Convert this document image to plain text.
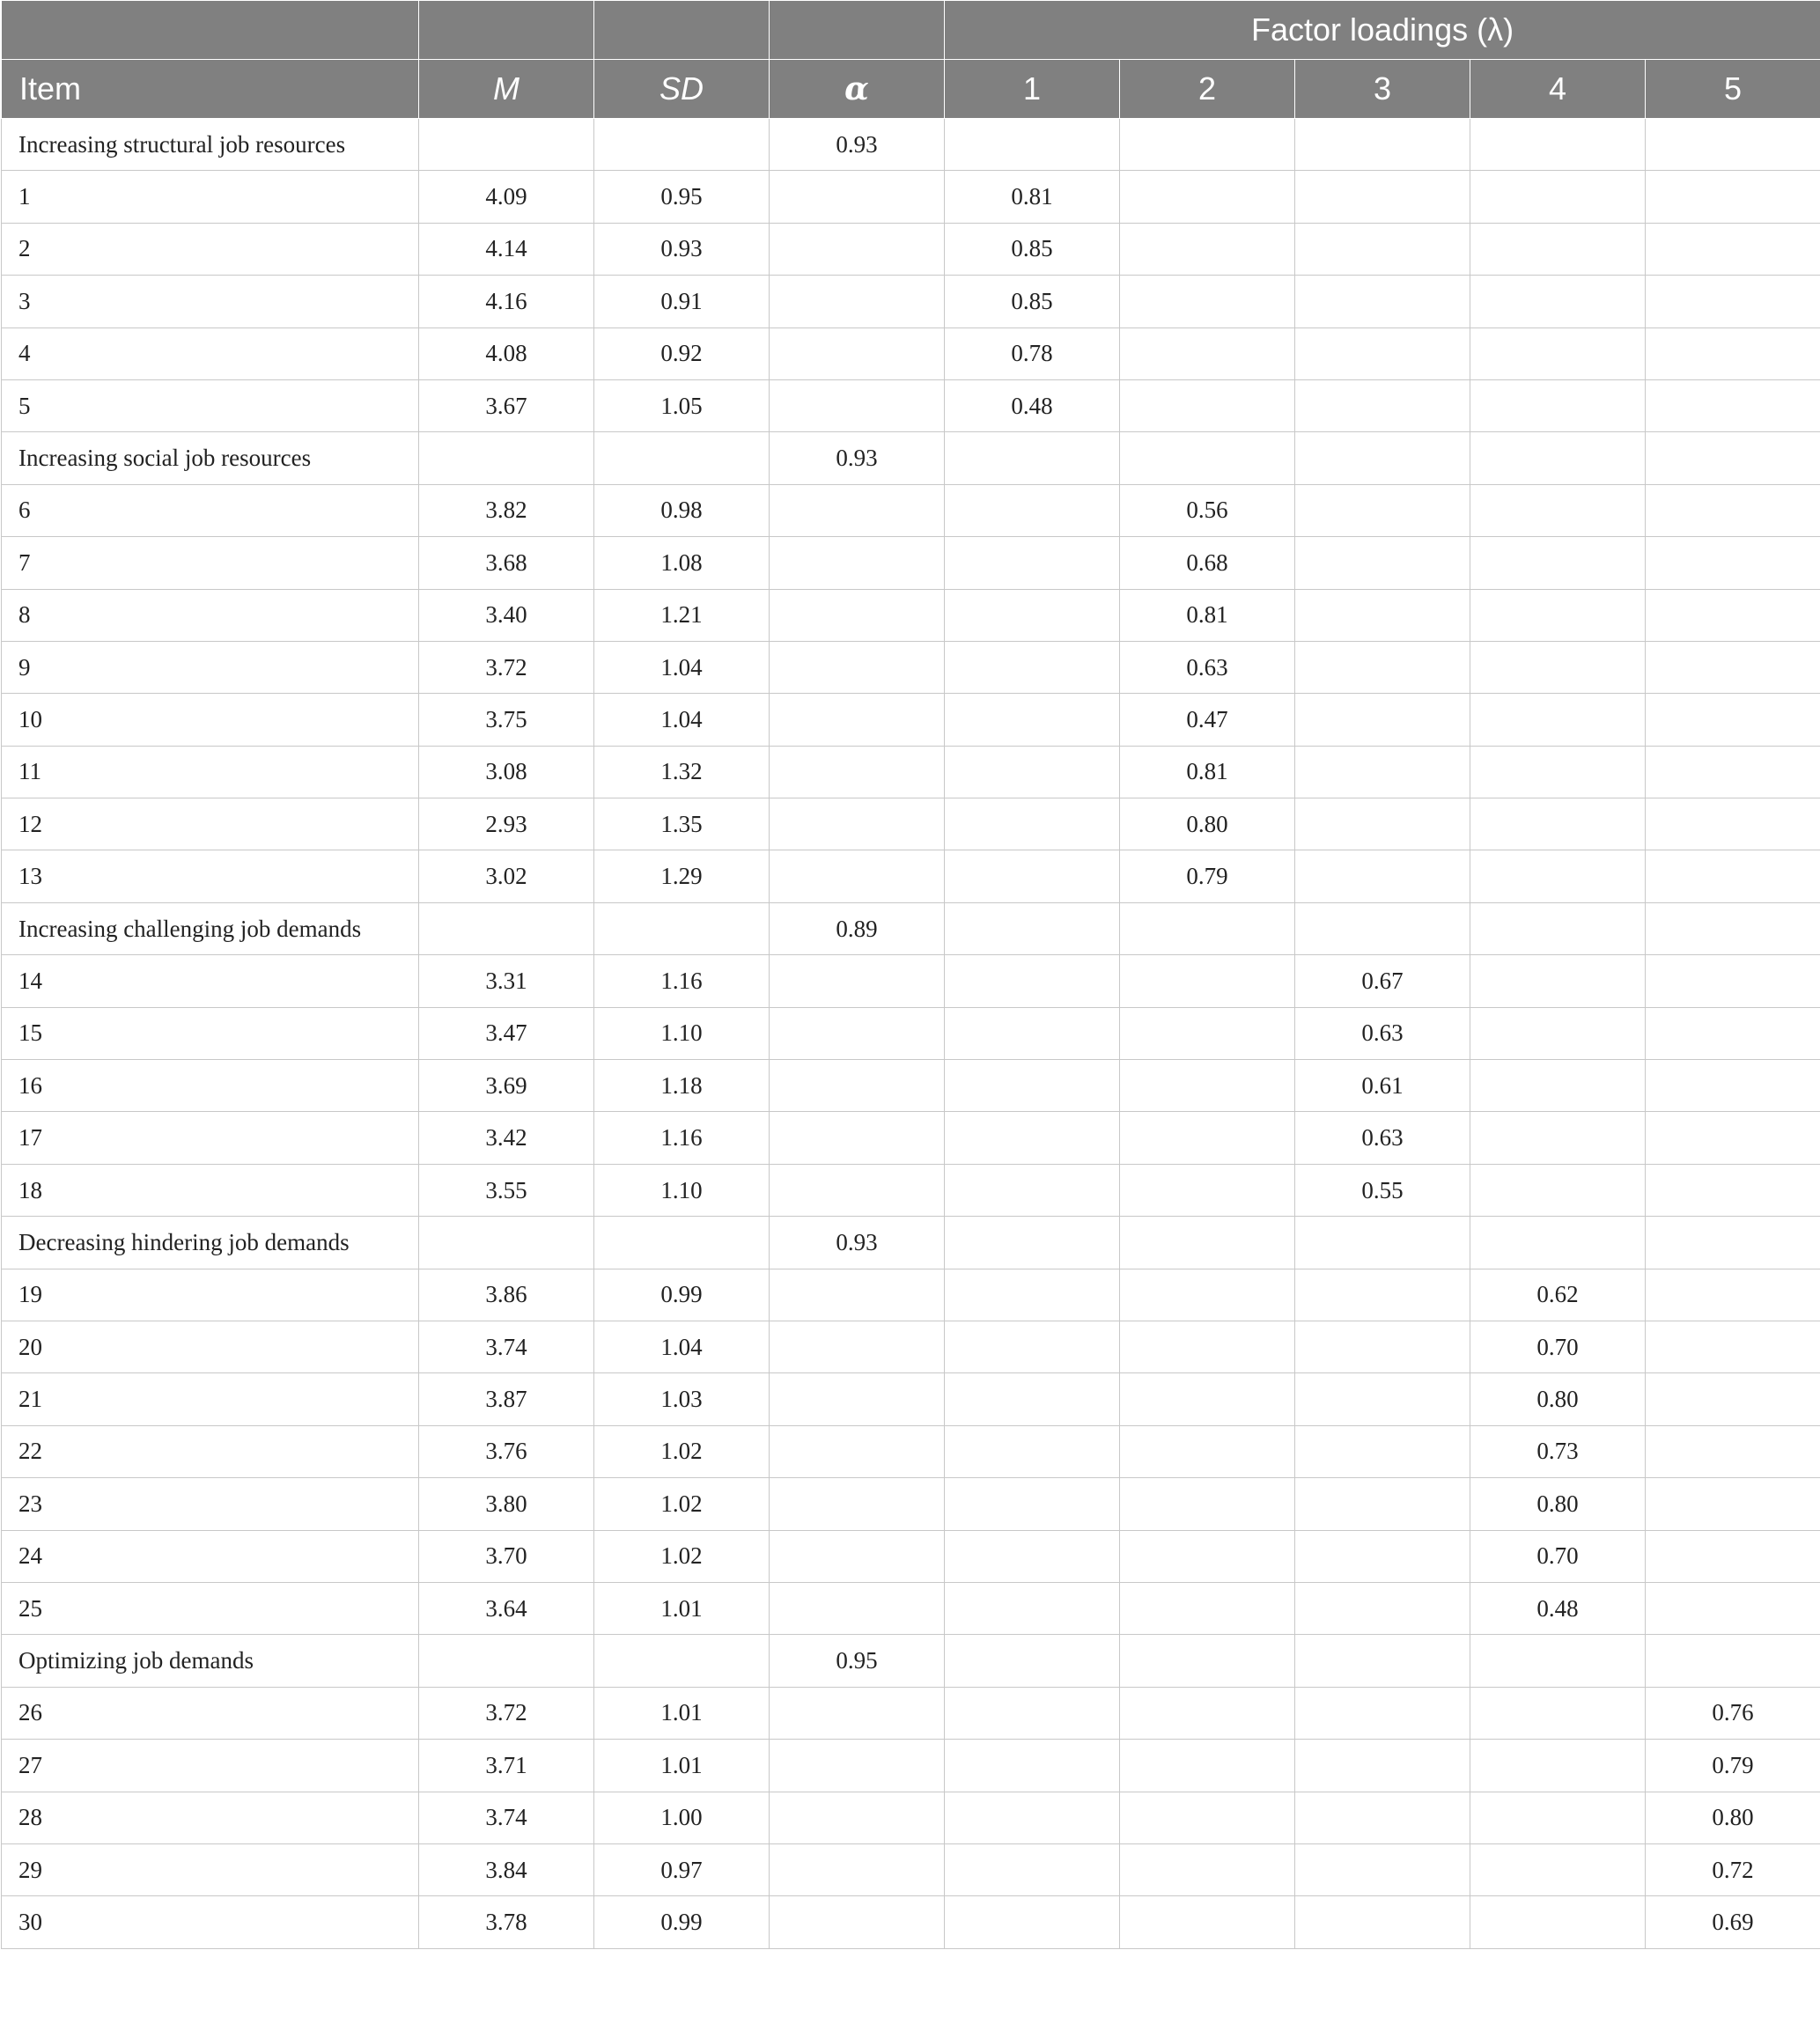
				Factor loadings (λ)				
Item	M	SD	α	1	2	3	4	5
Increasing structural job resources			0.93					
1	4.09	0.95		0.81				
2	4.14	0.93		0.85				
3	4.16	0.91		0.85				
4	4.08	0.92		0.78				
5	3.67	1.05		0.48				
Increasing social job resources			0.93					
6	3.82	0.98			0.56			
7	3.68	1.08			0.68			
8	3.40	1.21			0.81			
9	3.72	1.04			0.63			
10	3.75	1.04			0.47			
11	3.08	1.32			0.81			
12	2.93	1.35			0.80			
13	3.02	1.29			0.79			
Increasing challenging job demands			0.89					
14	3.31	1.16				0.67		
15	3.47	1.10				0.63		
16	3.69	1.18				0.61		
17	3.42	1.16				0.63		
18	3.55	1.10				0.55		
Decreasing hindering job demands			0.93					
19	3.86	0.99					0.62	
20	3.74	1.04					0.70	
21	3.87	1.03					0.80	
22	3.76	1.02					0.73	
23	3.80	1.02					0.80	
24	3.70	1.02					0.70	
25	3.64	1.01					0.48	
Optimizing job demands			0.95					
26	3.72	1.01						0.76
27	3.71	1.01						0.79
28	3.74	1.00						0.80
29	3.84	0.97						0.72
30	3.78	0.99						0.69
